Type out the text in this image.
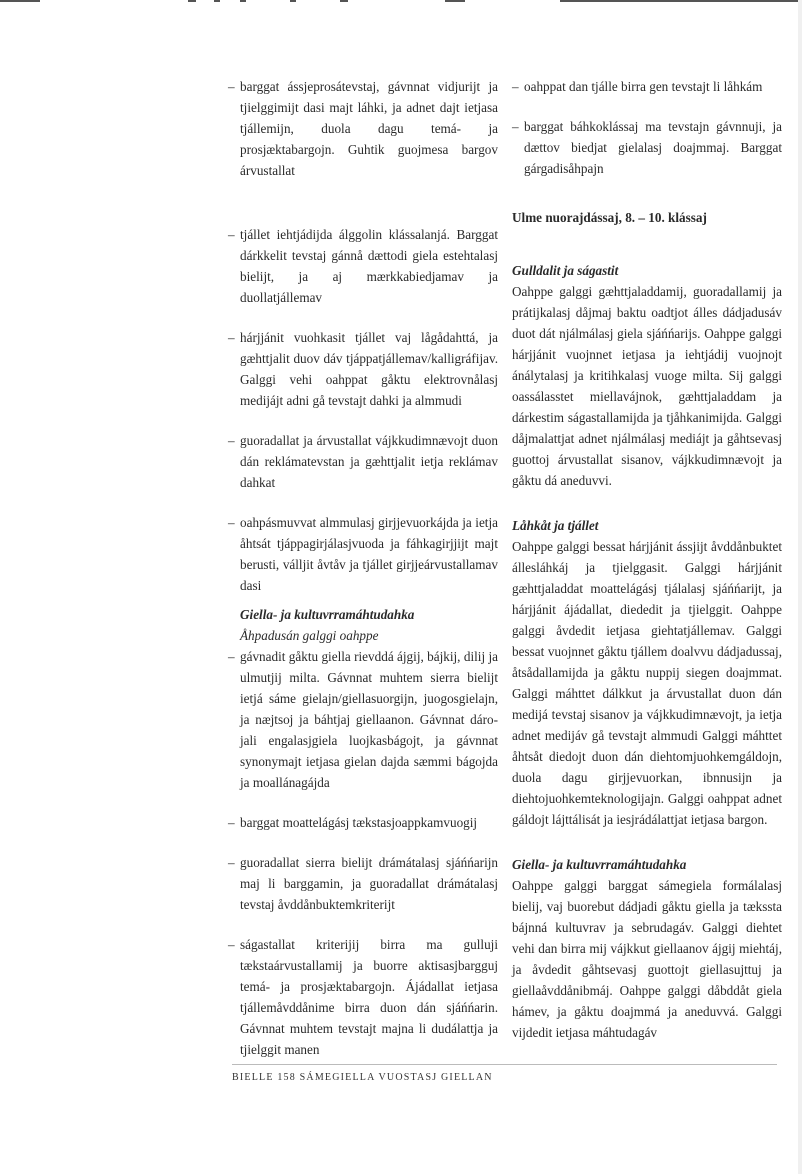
– barggat ássjeprosátevstaj, gávnnat vidjurijt ja tjielggimijt dasi majt láhki, ja adnet dajt ietjasa tjállemijn, duola dagu temá- ja prosjæktabargojn. Guhtik guojmesa bargov árvustallat
– tjállet iehtjádijda álggolin klássalanjá. Barggat dárkkelit tevstaj gánnå dættodi giela estehtalasj bielijt, ja aj mærkkabiedjamav ja duollatjállemav
– hárjjánit vuohkasit tjállet vaj lågådahttá, ja gæhttjalit duov dáv tjáppatjállemav/kalligráfijav. Galggi vehi oahppat gåktu elektrovnålasj medijájt adni gå tevstajt dahki ja almmudi
– guoradallat ja árvustallat vájkkudimnævojt duon dán reklámatevstan ja gæhttjalit ietja reklámav dahkat
– oahpásmuvvat almmulasj girjjevuorkájda ja ietja åhtsát tjáppagirjálasjvuoda ja fáhkagirjjijt majt berusti, válljit åvtåv ja tjállet girjjeárvustallamav dasi
Giella- ja kultuvrramáhtudahka
Åhpadusán galggi oahppe
– gávnadit gåktu giella rievddá ájgij, bájkij, dilij ja ulmutjij milta. Gávnnat muhtem sierra bielijt ietjá sáme gielajn/giellasuorgijn, juogosgielajn, ja næjtsoj ja báhtjaj giellaanon. Gávnnat dáro- jali engalasjgiela luojkasbágojt, ja gávnnat synonymajt ietjasa gielan dajda sæmmi bágojda ja moallánagájda
– barggat moattelágásj tækstasjoappkamvuogij
– guoradallat sierra bielijt drámátalasj sjáńńarijn maj li barggamin, ja guoradallat drámátalasj tevstaj åvddånbuktemkriterijt
– ságastallat kriterijij birra ma gulluji tækstaárvustallamij ja buorre aktisasjbargguj temá- ja prosjæktabargojn. Ájádallat ietjasa tjállemåvddånime birra duon dán sjáńńarin. Gávnnat muhtem tevstajt majna li dudálattja ja tjielggit manen
– oahppat dan tjálle birra gen tevstajt li låhkám
– barggat báhkoklássaj ma tevstajn gávnnuji, ja dættov biedjat gielalasj doajmmaj. Barggat gárgadisåhpajn
Ulme nuorajdássaj, 8. – 10. klássaj
Gulldalit ja ságastit

Oahppe galggi gæhttjaladdamij, guoradallamij ja prátijkalasj dåjmaj baktu oadtjot álles dádjadusáv duot dát njálmálasj giela sjáńńarijs. Oahppe galggi hárjjánit vuojnnet ietjasa ja iehtjádij vuojnojt ánálytalasj ja kritihkalasj vuoge milta. Sij galggi oassálasstet miellavájnok, gæhttjaladdam ja dárkestim ságastallamijda ja tjåhkanimijda. Galggi dåjmalattjat adnet njálmálasj mediájt ja gåhtsevasj guottoj árvustallat sisanov, vájkkudimnævojt ja gåktu dá aneduvvi.

Låhkåt ja tjállet

Oahppe galggi bessat hárjjánit ássjijt åvddånbuktet állesláhkáj ja tjielggasit. Galggi hárjjánit gæhttjaladdat moattelágásj tjálalasj sjáńńarijt, ja hárjjánit ájádallat, diededit ja tjielggit. Oahppe galggi åvdedit ietjasa giehtatjállemav. Galggi bessat vuojnnet gåktu tjállem doalvvu dádjadussaj, åtsådallamijda ja gåktu nuppij siegen doajmmat. Galggi máhttet dálkkut ja árvustallat duon dán medijá tevstaj sisanov ja vájkkudimnævojt, ja ietja adnet medijáv gå tevstajt almmudi Galggi máhttet åhtsåt diedojt duon dán diehtomjuohkemgáldojn, duola dagu girjjevuorkan, ibnnusijn ja diehtojuohkemteknologijajn. Galggi oahppat adnet gáldojt lájttálisát ja iesjrádálattjat ietjasa bargon.

Giella- ja kultuvrramáhtudahka

Oahppe galggi barggat sámegiela formálalasj bielij, vaj buorebut dádjadi gåktu giella ja tækssta bájnná kultuvrav ja sebrudagáv. Galggi diehtet vehi dan birra mij vájkkut giellaanov ájgij miehtáj, ja åvdedit gåhtsevasj guottojt giellasujttuj ja giellaåvddånibmáj. Oahppe galggi dåbddåt giela hámev, ja gåktu doajmmá ja aneduvvá. Galggi vijdedit ietjasa máhtudagáv

BIELLE 158 SÁMEGIELLA VUOSTASJ GIELLAN
